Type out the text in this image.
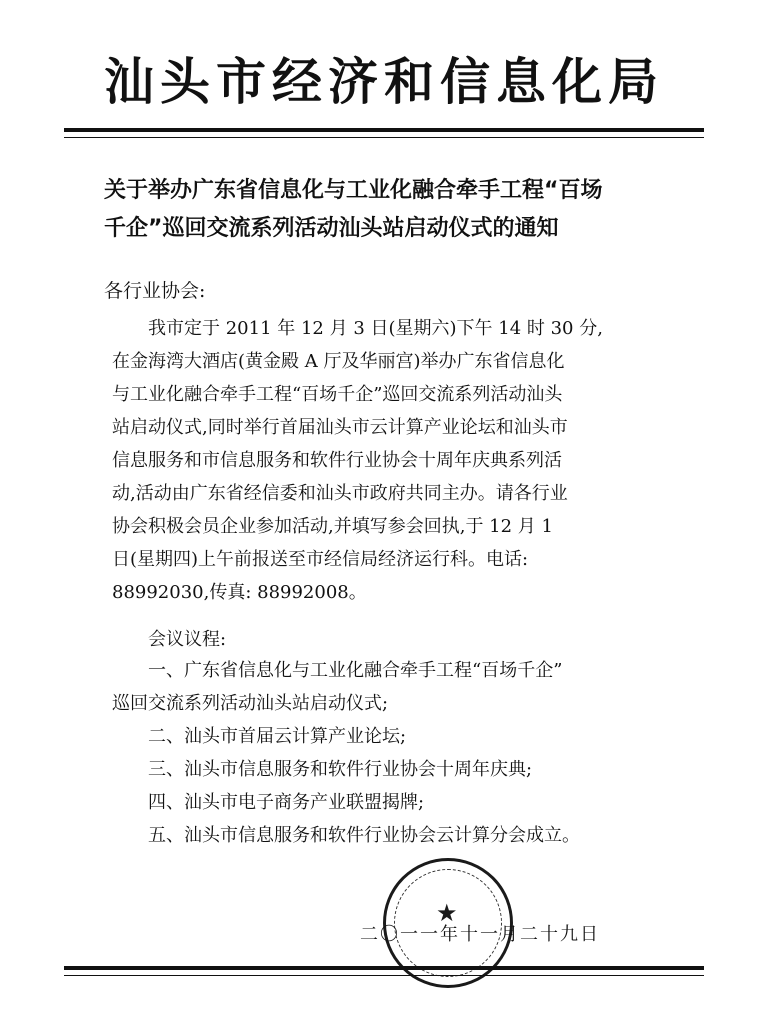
汕头市经济和信息化局
关于举办广东省信息化与工业化融合牵手工程“百场
千企”巡回交流系列活动汕头站启动仪式的通知
各行业协会:
　　我市定于 2011 年 12 月 3 日(星期六)下午 14 时 30 分,
在金海湾大酒店(黄金殿 A 厅及华丽宫)举办广东省信息化
与工业化融合牵手工程“百场千企”巡回交流系列活动汕头
站启动仪式,同时举行首届汕头市云计算产业论坛和汕头市
信息服务和市信息服务和软件行业协会十周年庆典系列活
动,活动由广东省经信委和汕头市政府共同主办。请各行业
协会积极会员企业参加活动,并填写参会回执,于 12 月 1
日(星期四)上午前报送至市经信局经济运行科。电话:
88992030,传真: 88992008。
会议议程:
　　一、广东省信息化与工业化融合牵手工程“百场千企”
巡回交流系列活动汕头站启动仪式;
　　二、汕头市首届云计算产业论坛;
　　三、汕头市信息服务和软件行业协会十周年庆典;
　　四、汕头市电子商务产业联盟揭牌;
　　五、汕头市信息服务和软件行业协会云计算分会成立。
★
二〇一一年十一月二十九日
